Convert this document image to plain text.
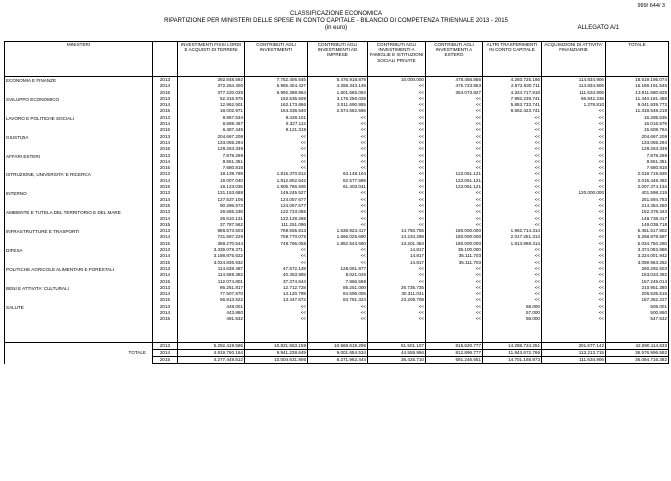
999/ 644/ 3
CLASSIFICAZIONE ECONOMICA
RIPARTIZIONE PER MINISTERI DELLE SPESE IN CONTO CAPITALE - BILANCIO DI COMPETENZA TRIENNALE 2013 - 2015
(in euro)	ALLEGATO A/1
MINISTERI		INVESTIMENTI FISSI LORDI E ACQUISTI DI TERRENI	CONTRIBUTI AGLI INVESTIMENTI	CONTRIBUTI AGLI INVESTIMENTI AD IMPRESE	CONTRIBUTI AGLI INVESTIMENTI A FAMIGLIE E ISTITUZIONI SOCIALI PRIVATE	CONTRIBUTI AGLI INVESTIMENTI A ESTERO	ALTRI TRASFERIMENTI IN CONTO CAPITALE	ACQUISIZIONI DI ATTIVITA' FINANZIARIE	TOTALE
ECONOMIA E FINANZE	2013	392.848.592	7.752.406.645	5.476.918.879	10.000.000	478.456.856	4.293.725.166	114.834.906	18.519.195.074
	2014	372.254.400	6.965.404.427	4.268.343.149	<<	475.723.953	2.972.630.711	114.834.906	15.169.191.546
	2015	377.220.028	6.992.398.964	1.601.665.064	<<	354.073.927	4.324.717.918	111.634.906	13.811.680.828
SVILUPPO ECONOMICO	2013	52.316.975	162.536.508	3.176.256.028	<<	<<	7.992.239.741	56.842.236	11.440.181.488
	2014	12.862.501	162.173.866	3.011.690.955	<<	<<	5.853.733.741	1.378.810	9.041.939.773
	2015	18.002.971	164.338.540	2.574.662.566	<<	<<	8.562.423.741	<<	11.318.648.218
LAVORO E POLITICHE SOCIALI	2013	8.867.534	8.428.101	<<	<<	<<	<<	<<	16.295.635
	2014	6.689.467	9.327.112	<<	<<	<<	<<	<<	16.016.579
	2015	6.487.445	9.121.319	<<	<<	<<	<<	<<	15.608.764
GIUSTIZIA	2013	204.667.208	<<	<<	<<	<<	<<	<<	204.667.208
	2014	133.065.294	<<	<<	<<	<<	<<	<<	133.065.294
	2015	129.263.349	<<	<<	<<	<<	<<	<<	129.263.349
AFFARI ESTERI	2013	7.878.269	<<	<<	<<	<<	<<	<<	7.878.269
	2014	9.651.361	<<	<<	<<	<<	<<	<<	9.651.361
	2015	7.680.816	<<	<<	<<	<<	<<	<<	7.680.816
ISTRUZIONE, UNIVERSITA' E RICERCA	2013	18.139.789	1.815.370.812	63.148.104	<<	122.061.121	<<	<<	2.018.719.826
	2014	19.007.040	1.812.802.642	62.577.689	<<	122.061.121	<<	<<	2.015.448.492
	2015	19.123.036	1.805.786.936	61.403.041	<<	122.061.121	<<	<<	2.007.374.134
INTERNO	2013	131.153.688	149.245.527	<<	<<	<<	<<	120.000.000	401.598.215
	2014	127.537.106	124.057.677	<<	<<	<<	<<	<<	251.594.783
	2015	90.296.573	124.057.677	<<	<<	<<	<<	<<	214.354.250
AMBIENTE E TUTELA DEL TERRITORIO E DEL MARE	2013	29.655.238	122.723.085	<<	<<	<<	<<	<<	152.378.343
	2014	26.610.131	122.128.286	<<	<<	<<	<<	<<	148.738.417
	2015	37.787.562	111.251.096	<<	<<	<<	<<	<<	149.038.718
INFRASTRUTTURE E TRASPORTI	2013	886.573.503	768.555.813	1.638.923.417	14.750.755	180.000.000	1.962.714.314	<<	5.451.517.802
	2014	731.597.229	759.770.075	1.566.025.690	14.234.298	180.000.000	2.017.251.314	<<	5.258.878.597
	2015	389.270.544	748.766.058	1.882.543.660	13.201.384	180.000.000	1.813.968.314	<<	5.034.750.260
DIFESA	2013	3.339.079.371	<<	<<	14.817	35.100.000	<<	<<	3.374.093.888
	2014	3.188.875.622	<<	<<	14.817	35.111.703	<<	<<	3.224.001.942
	2015	3.024.836.932	<<	<<	14.817	35.111.703	<<	<<	3.059.963.252
POLITICHE AGRICOLE ALIMENTARI E FORESTALI	2013	114.638.487	47.572.139	128.061.977	<<	<<	<<	<<	290.292.603
	2014	114.559.382	40.453.965	8.021.045	<<	<<	<<	<<	163.034.392
	2015	112.074.801	37.374.644	7.866.569	<<	<<	<<	<<	157.245.014
BENI E ATTIVITA' CULTURALI	2013	86.251.817	12.712.728	85.251.000	26.735.735	<<	<<	<<	210.951.380
	2014	77.507.870	14.120.799	84.596.006	30.311.041	<<	<<	<<	206.535.516
	2015	56.913.522	13.447.672	83.781.324	23.209.709	<<	<<	<<	187.352.227
SALUTE	2013	448.001	<<	<<	<<	<<	58.000	<<	506.001
	2014	443.860	<<	<<	<<	<<	57.000	<<	500.860
	2015	491.632	<<	<<	<<	<<	56.000	<<	547.632

TOTALE	2013	5.252.419.565	10.831.553.159	10.568.619.295	51.501.107	815.620.777	14.288.724.251	301.677.142	42.090.114.633
	2014	4.819.760.164	9.941.238.649	9.001.654.534	44.559.956	812.896.777	11.843.672.766	113.213.715	36.576.996.592
	2015	4.277.449.512	10.004.631.906	6.271.962.444	36.425.710	691.246.651	14.701.165.973	111.634.906	36.094.716.382
